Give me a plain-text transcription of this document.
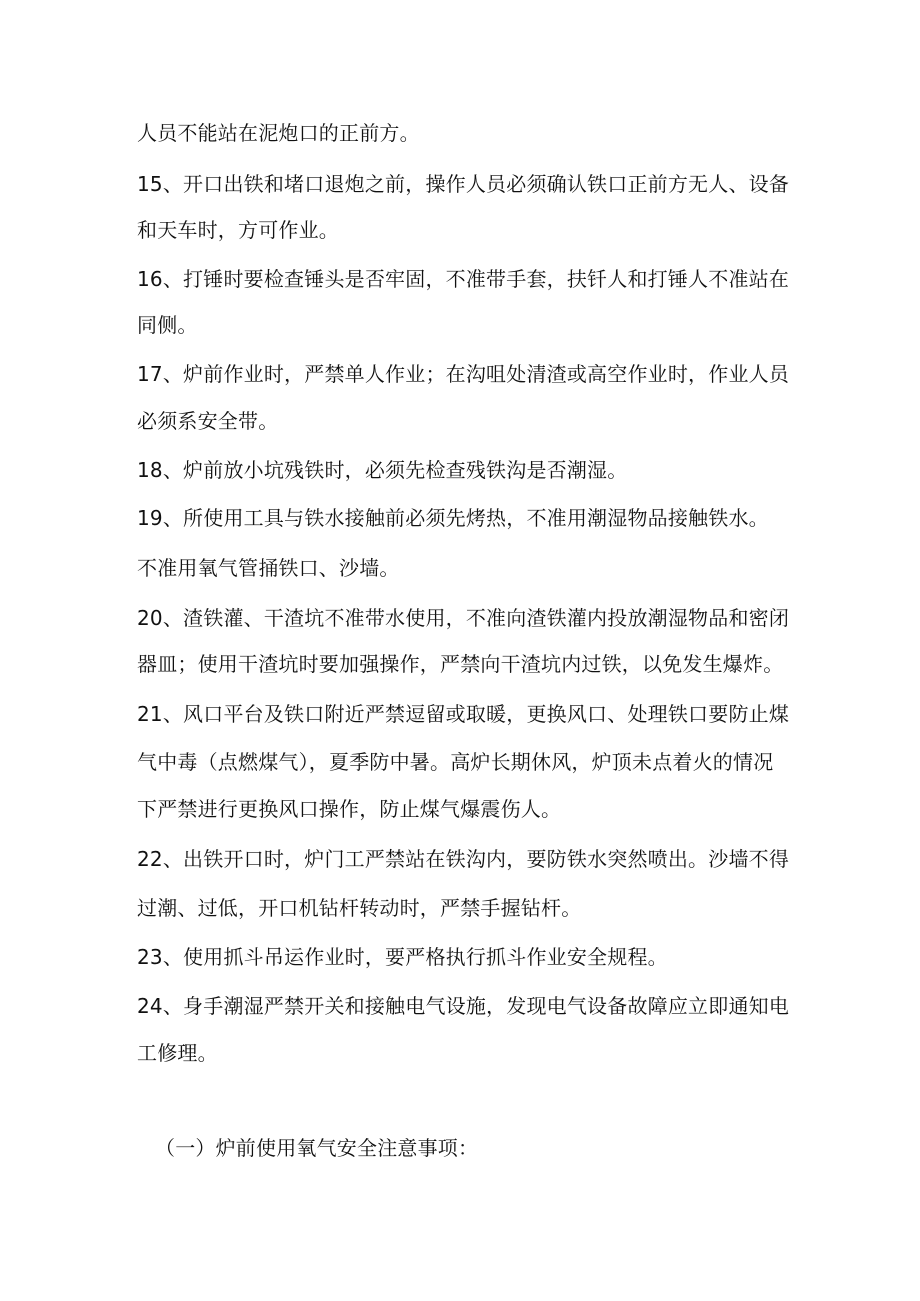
人员不能站在泥炮口的正前方。
15、开口出铁和堵口退炮之前，操作人员必须确认铁口正前方无人、设备
和天车时，方可作业。
16、打锤时要检查锤头是否牢固，不准带手套，扶钎人和打锤人不准站在
同侧。
17、炉前作业时，严禁单人作业；在沟咀处清渣或高空作业时，作业人员
必须系安全带。
18、炉前放小坑残铁时，必须先检查残铁沟是否潮湿。
19、所使用工具与铁水接触前必须先烤热，不准用潮湿物品接触铁水。
不准用氧气管捅铁口、沙墙。
20、渣铁灌、干渣坑不准带水使用，不准向渣铁灌内投放潮湿物品和密闭
器皿；使用干渣坑时要加强操作，严禁向干渣坑内过铁，以免发生爆炸。
21、风口平台及铁口附近严禁逗留或取暖，更换风口、处理铁口要防止煤
气中毒（点燃煤气），夏季防中暑。高炉长期休风，炉顶未点着火的情况
下严禁进行更换风口操作，防止煤气爆震伤人。
22、出铁开口时，炉门工严禁站在铁沟内，要防铁水突然喷出。沙墙不得
过潮、过低，开口机钻杆转动时，严禁手握钻杆。
23、使用抓斗吊运作业时，要严格执行抓斗作业安全规程。
24、身手潮湿严禁开关和接触电气设施，发现电气设备故障应立即通知电
工修理。
（一）炉前使用氧气安全注意事项：
